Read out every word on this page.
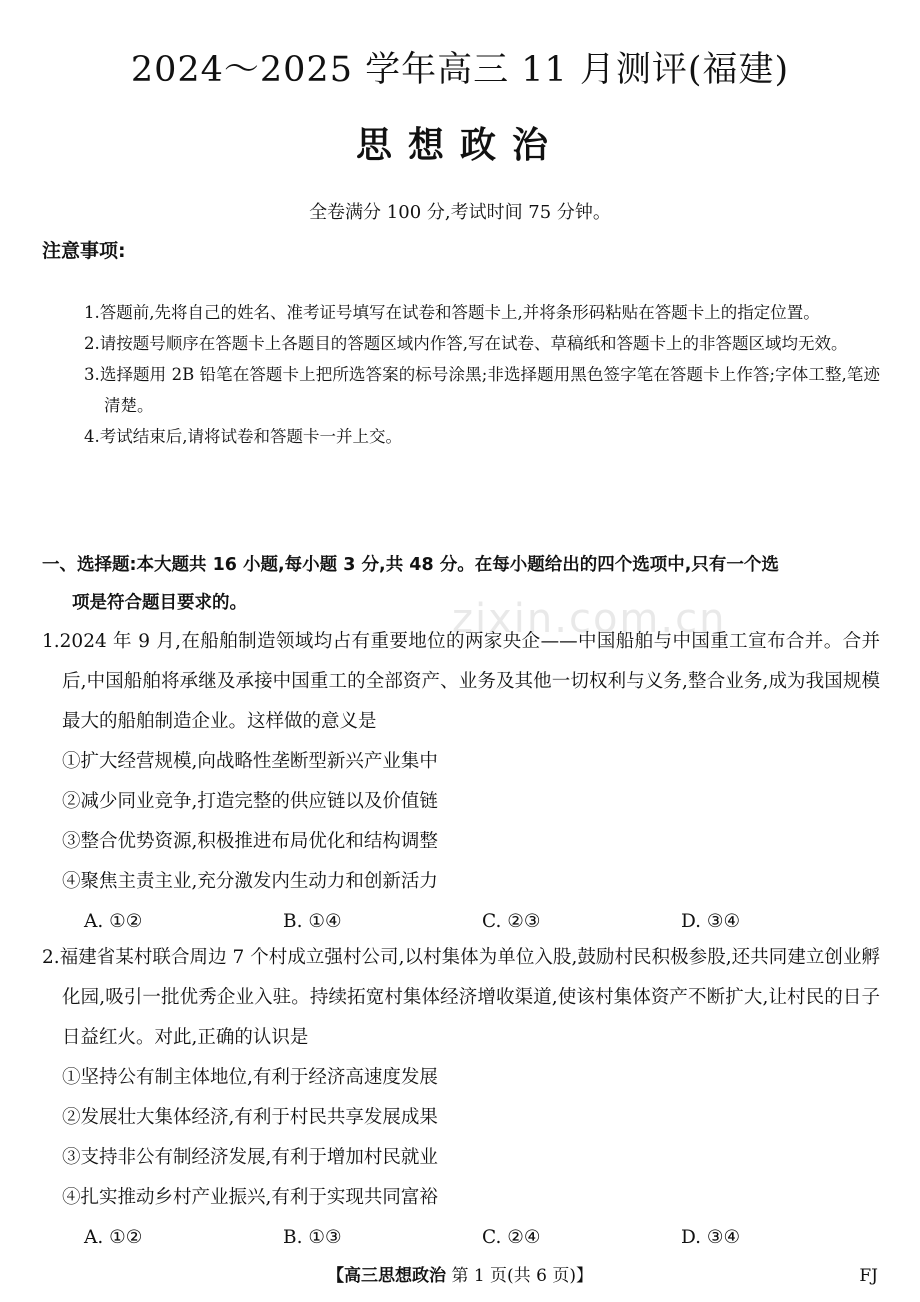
zixin.com.cn
2024～2025 学年高三 11 月测评(福建)
思想政治
全卷满分 100 分,考试时间 75 分钟。
注意事项:
1.答题前,先将自己的姓名、准考证号填写在试卷和答题卡上,并将条形码粘贴在答题卡上的指定位置。
2.请按题号顺序在答题卡上各题目的答题区域内作答,写在试卷、草稿纸和答题卡上的非答题区域均无效。
3.选择题用 2B 铅笔在答题卡上把所选答案的标号涂黑;非选择题用黑色签字笔在答题卡上作答;字体工整,笔迹清楚。
4.考试结束后,请将试卷和答题卡一并上交。
一、选择题:本大题共 16 小题,每小题 3 分,共 48 分。在每小题给出的四个选项中,只有一个选
项是符合题目要求的。
1.2024 年 9 月,在船舶制造领域均占有重要地位的两家央企——中国船舶与中国重工宣布合并。合并后,中国船舶将承继及承接中国重工的全部资产、业务及其他一切权利与义务,整合业务,成为我国规模最大的船舶制造企业。这样做的意义是
①扩大经营规模,向战略性垄断型新兴产业集中
②减少同业竞争,打造完整的供应链以及价值链
③整合优势资源,积极推进布局优化和结构调整
④聚焦主责主业,充分激发内生动力和创新活力
A. ①②	B. ①④	C. ②③	D. ③④
2.福建省某村联合周边 7 个村成立强村公司,以村集体为单位入股,鼓励村民积极参股,还共同建立创业孵化园,吸引一批优秀企业入驻。持续拓宽村集体经济增收渠道,使该村集体资产不断扩大,让村民的日子日益红火。对此,正确的认识是
①坚持公有制主体地位,有利于经济高速度发展
②发展壮大集体经济,有利于村民共享发展成果
③支持非公有制经济发展,有利于增加村民就业
④扎实推动乡村产业振兴,有利于实现共同富裕
A. ①②	B. ①③	C. ②④	D. ③④
【高三思想政治 第 1 页(共 6 页)】	FJ
